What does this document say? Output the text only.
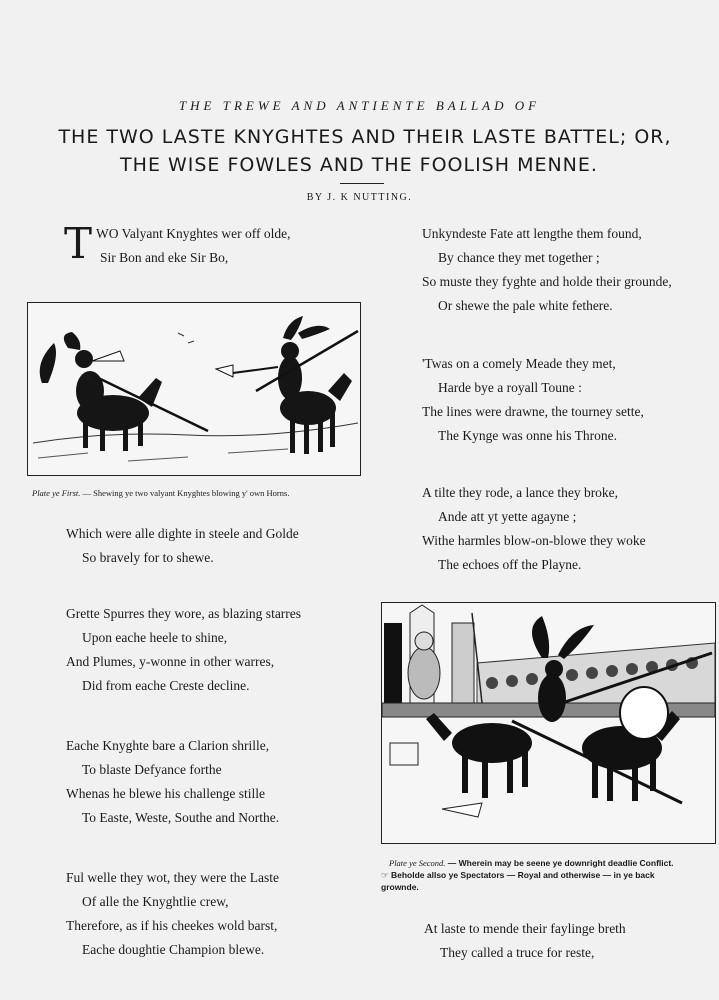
THE TREWE AND ANTIENTE BALLAD OF
THE TWO LASTE KNYGHTES AND THEIR LASTE BATTEL; OR,
THE WISE FOWLES AND THE FOOLISH MENNE.
BY J. K NUTTING.
T WO Valyant Knyghtes wer off olde,

Sir Bon and eke Sir Bo,

Plate ye First. — Shewing ye two valyant Knyghtes blowing y' own Horns.

Which were alle dighte in steele and Golde

So bravely for to shewe.

Grette Spurres they wore, as blazing starres

Upon eache heele to shine,

And Plumes, y-wonne in other warres,

Did from eache Creste decline.

Eache Knyghte bare a Clarion shrille,

To blaste Defyance forthe

Whenas he blewe his challenge stille

To Easte, Weste, Southe and Northe.

Ful welle they wot, they were the Laste

Of alle the Knyghtlie crew,

Therefore, as if his cheekes wold barst,

Eache doughtie Champion blewe.

Unkyndeste Fate att lengthe them found,

By chance they met together ;

So muste they fyghte and holde their grounde,

Or shewe the pale white fethere.

'Twas on a comely Meade they met,

Harde bye a royall Toune :

The lines were drawne, the tourney sette,

The Kynge was onne his Throne.

A tilte they rode, a lance they broke,

Ande att yt yette agayne ;

Withe harmles blow-on-blowe they woke

The echoes off the Playne.

Plate ye Second. — Wherein may be seene ye downright deadlie Conflict.
☞ Beholde allso ye Spectators — Royal and otherwise — in ye back
grownde.

At laste to mende their faylinge breth

They called a truce for reste,
